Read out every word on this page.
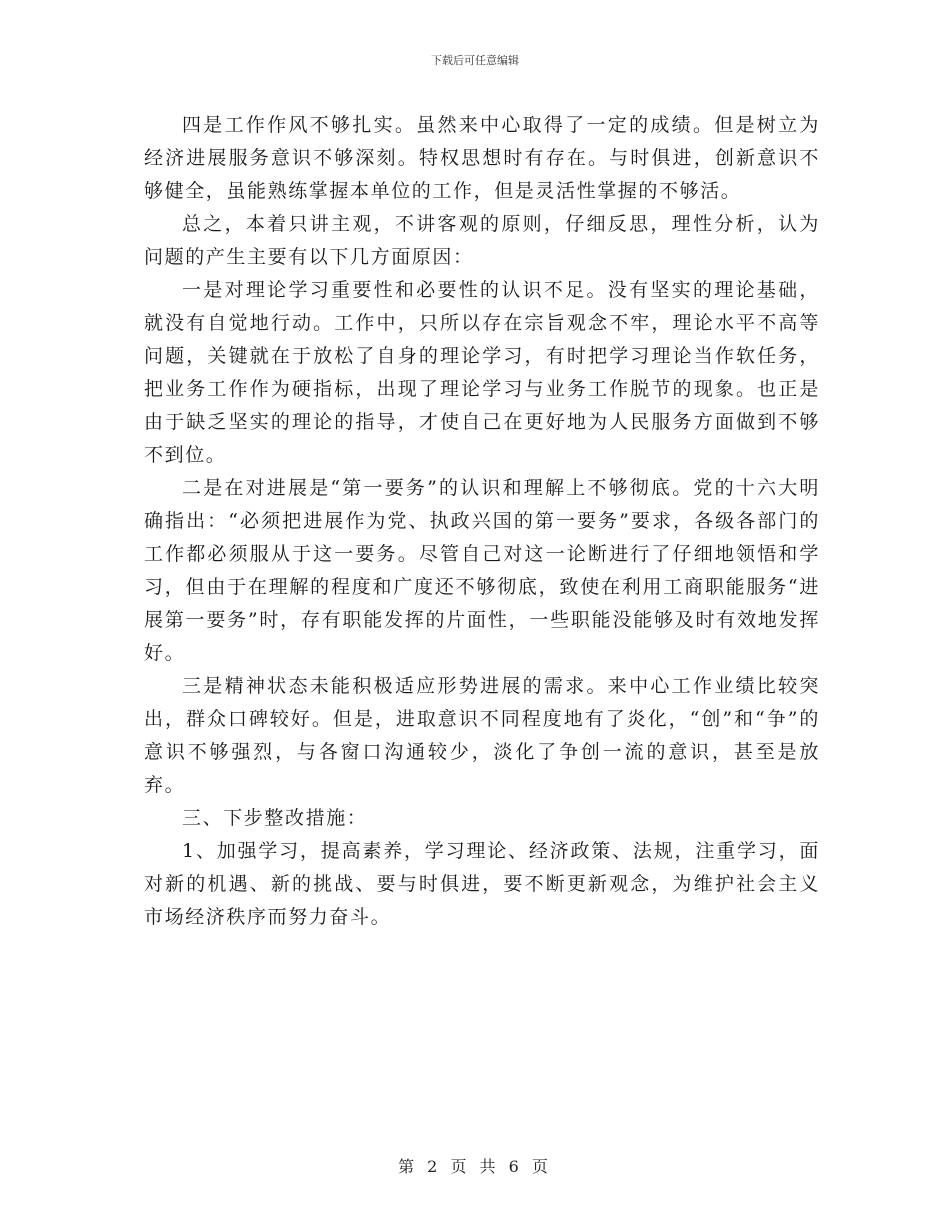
下载后可任意编辑

四是工作作风不够扎实。虽然来中心取得了一定的成绩。但是树立为经济进展服务意识不够深刻。特权思想时有存在。与时俱进，创新意识不够健全，虽能熟练掌握本单位的工作，但是灵活性掌握的不够活。

总之，本着只讲主观，不讲客观的原则，仔细反思，理性分析，认为问题的产生主要有以下几方面原因：

一是对理论学习重要性和必要性的认识不足。没有坚实的理论基础，就没有自觉地行动。工作中，只所以存在宗旨观念不牢，理论水平不高等问题，关键就在于放松了自身的理论学习，有时把学习理论当作软任务，把业务工作作为硬指标，出现了理论学习与业务工作脱节的现象。也正是由于缺乏坚实的理论的指导，才使自己在更好地为人民服务方面做到不够不到位。

二是在对进展是“第一要务”的认识和理解上不够彻底。党的十六大明确指出：“必须把进展作为党、执政兴国的第一要务”要求，各级各部门的工作都必须服从于这一要务。尽管自己对这一论断进行了仔细地领悟和学习，但由于在理解的程度和广度还不够彻底，致使在利用工商职能服务“进展第一要务”时，存有职能发挥的片面性，一些职能没能够及时有效地发挥好。

三是精神状态未能积极适应形势进展的需求。来中心工作业绩比较突出，群众口碑较好。但是，进取意识不同程度地有了炎化，“创”和“争”的意识不够强烈，与各窗口沟通较少，淡化了争创一流的意识，甚至是放弃。

三、下步整改措施：

1、加强学习，提高素养，学习理论、经济政策、法规，注重学习，面对新的机遇、新的挑战、要与时俱进，要不断更新观念，为维护社会主义市场经济秩序而努力奋斗。

第 2 页 共 6 页
